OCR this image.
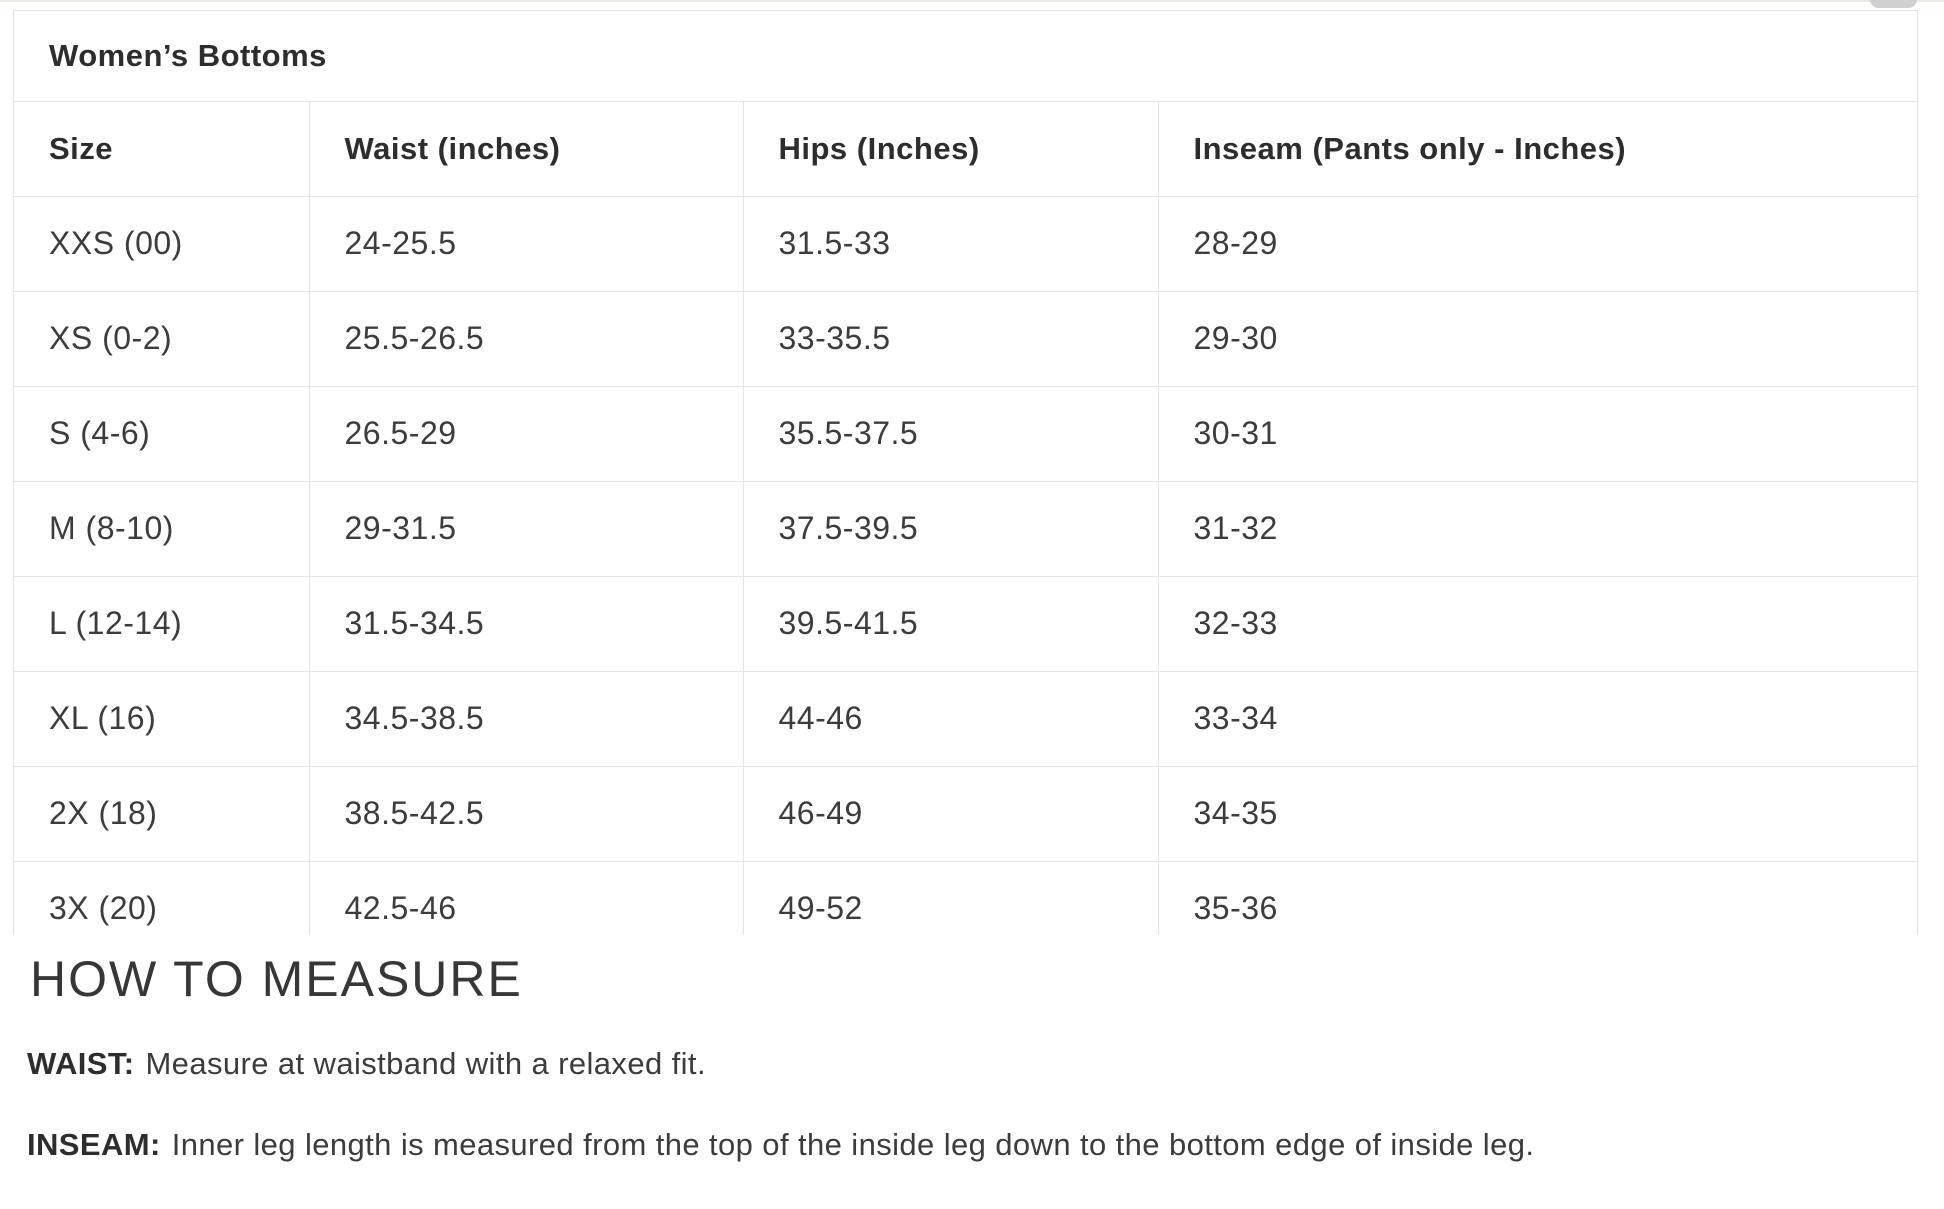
Women’s Bottoms			
Size	Waist (inches)	Hips (Inches)	Inseam (Pants only - Inches)
XXS (00)	24-25.5	31.5-33	28-29
XS (0-2)	25.5-26.5	33-35.5	29-30
S (4-6)	26.5-29	35.5-37.5	30-31
M (8-10)	29-31.5	37.5-39.5	31-32
L (12-14)	31.5-34.5	39.5-41.5	32-33
XL (16)	34.5-38.5	44-46	33-34
2X (18)	38.5-42.5	46-49	34-35
3X (20)	42.5-46	49-52	35-36
HOW TO MEASURE

WAIST: Measure at waistband with a relaxed fit.

INSEAM: Inner leg length is measured from the top of the inside leg down to the bottom edge of inside leg.
